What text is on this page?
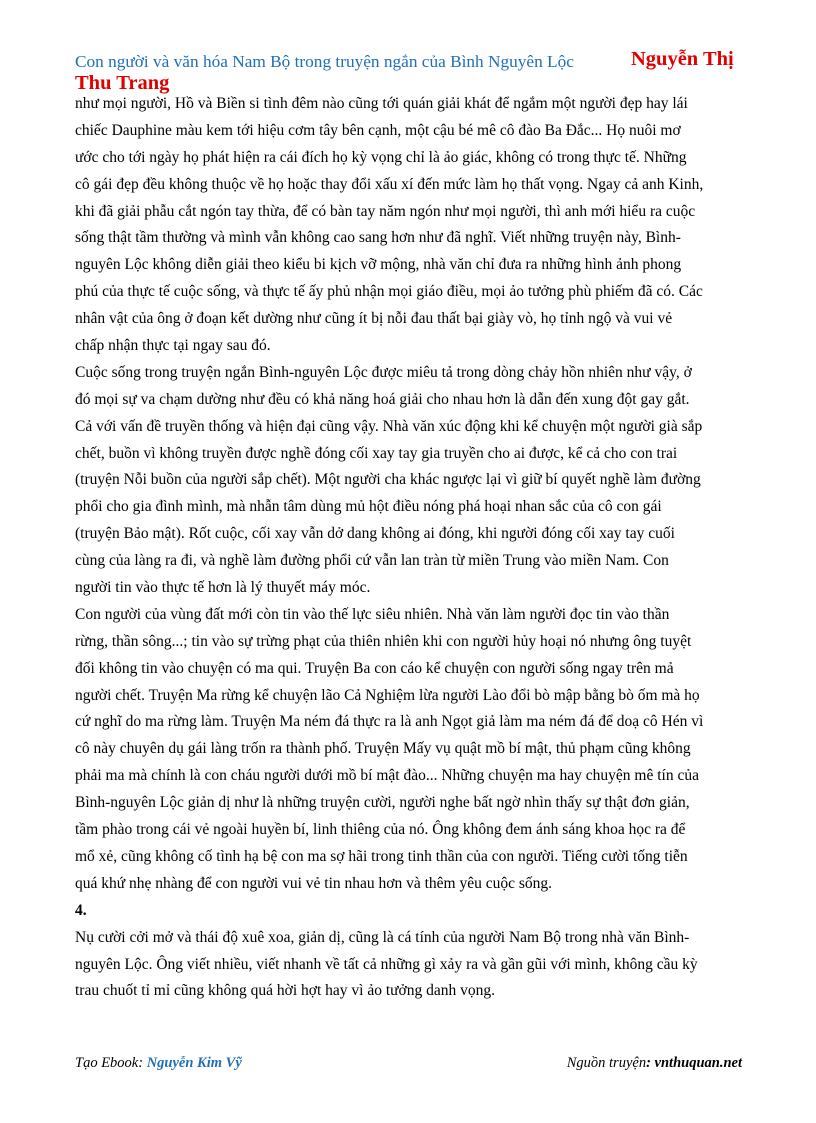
Con người và văn hóa Nam Bộ trong truyện ngắn của Bình Nguyên Lộc	Nguyễn Thị
Thu Trang
như mọi người, Hồ và Biền si tình đêm nào cũng tới quán giải khát để ngắm một người đẹp hay lái
chiếc Dauphine màu kem tới hiệu cơm tây bên cạnh, một cậu bé mê cô đào Ba Đắc... Họ nuôi mơ
ước cho tới ngày họ phát hiện ra cái đích họ kỳ vọng chỉ là ảo giác, không có trong thực tế. Những
cô gái đẹp đều không thuộc về họ hoặc thay đổi xấu xí đến mức làm họ thất vọng. Ngay cả anh Kinh,
khi đã giải phẫu cắt ngón tay thừa, để có bàn tay năm ngón như mọi người, thì anh mới hiểu ra cuộc
sống thật tầm thường và mình vẫn không cao sang hơn như đã nghĩ. Viết những truyện này, Bình-
nguyên Lộc không diễn giải theo kiểu bi kịch vỡ mộng, nhà văn chỉ đưa ra những hình ảnh phong
phú của thực tế cuộc sống, và thực tế ấy phủ nhận mọi giáo điều, mọi ảo tưởng phù phiếm đã có. Các
nhân vật của ông ở đoạn kết dường như cũng ít bị nỗi đau thất bại giày vò, họ tỉnh ngộ và vui vẻ
chấp nhận thực tại ngay sau đó.
Cuộc sống trong truyện ngắn Bình-nguyên Lộc được miêu tả trong dòng chảy hồn nhiên như vậy, ở
đó mọi sự va chạm dường như đều có khả năng hoá giải cho nhau hơn là dẫn đến xung đột gay gắt.
Cả với vấn đề truyền thống và hiện đại cũng vậy. Nhà văn xúc động khi kể chuyện một người già sắp
chết, buồn vì không truyền được nghề đóng cối xay tay gia truyền cho ai được, kể cả cho con trai
(truyện Nỗi buồn của người sắp chết). Một người cha khác ngược lại vì giữ bí quyết nghề làm đường
phổi cho gia đình mình, mà nhẫn tâm dùng mủ hột điều nóng phá hoại nhan sắc của cô con gái
(truyện Bảo mật). Rốt cuộc, cối xay vẫn dở dang không ai đóng, khi người đóng cối xay tay cuối
cùng của làng ra đi, và nghề làm đường phổi cứ vẫn lan tràn từ miền Trung vào miền Nam. Con
người tin vào thực tế hơn là lý thuyết máy móc.
Con người của vùng đất mới còn tin vào thế lực siêu nhiên. Nhà văn làm người đọc tin vào thần
rừng, thần sông...; tin vào sự trừng phạt của thiên nhiên khi con người hủy hoại nó nhưng ông tuyệt
đối không tin vào chuyện có ma qui. Truyện Ba con cáo kể chuyện con người sống ngay trên mả
người chết. Truyện Ma rừng kể chuyện lão Cả Nghiệm lừa người Lào đổi bò mập bằng bò ốm mà họ
cứ nghĩ do ma rừng làm. Truyện Ma ném đá thực ra là anh Ngọt giả làm ma ném đá để doạ cô Hén vì
cô này chuyên dụ gái làng trốn ra thành phố. Truyện Mấy vụ quật mồ bí mật, thủ phạm cũng không
phải ma mà chính là con cháu người dưới mồ bí mật đào... Những chuyện ma hay chuyện mê tín của
Bình-nguyên Lộc giản dị như là những truyện cười, người nghe bất ngờ nhìn thấy sự thật đơn giản,
tầm phào trong cái vẻ ngoài huyền bí, linh thiêng của nó. Ông không đem ánh sáng khoa học ra để
mổ xẻ, cũng không cố tình hạ bệ con ma sợ hãi trong tinh thần của con người. Tiếng cười tống tiễn
quá khứ nhẹ nhàng để con người vui vẻ tin nhau hơn và thêm yêu cuộc sống.
4.
Nụ cười cởi mở và thái độ xuê xoa, giản dị, cũng là cá tính của người Nam Bộ trong nhà văn Bình-
nguyên Lộc. Ông viết nhiều, viết nhanh về tất cả những gì xảy ra và gần gũi với mình, không cầu kỳ
trau chuốt tỉ mỉ cũng không quá hời hợt hay vì ảo tưởng danh vọng.
Tạo Ebook: Nguyễn Kim Vỹ	Nguồn truyện: vnthuquan.net
